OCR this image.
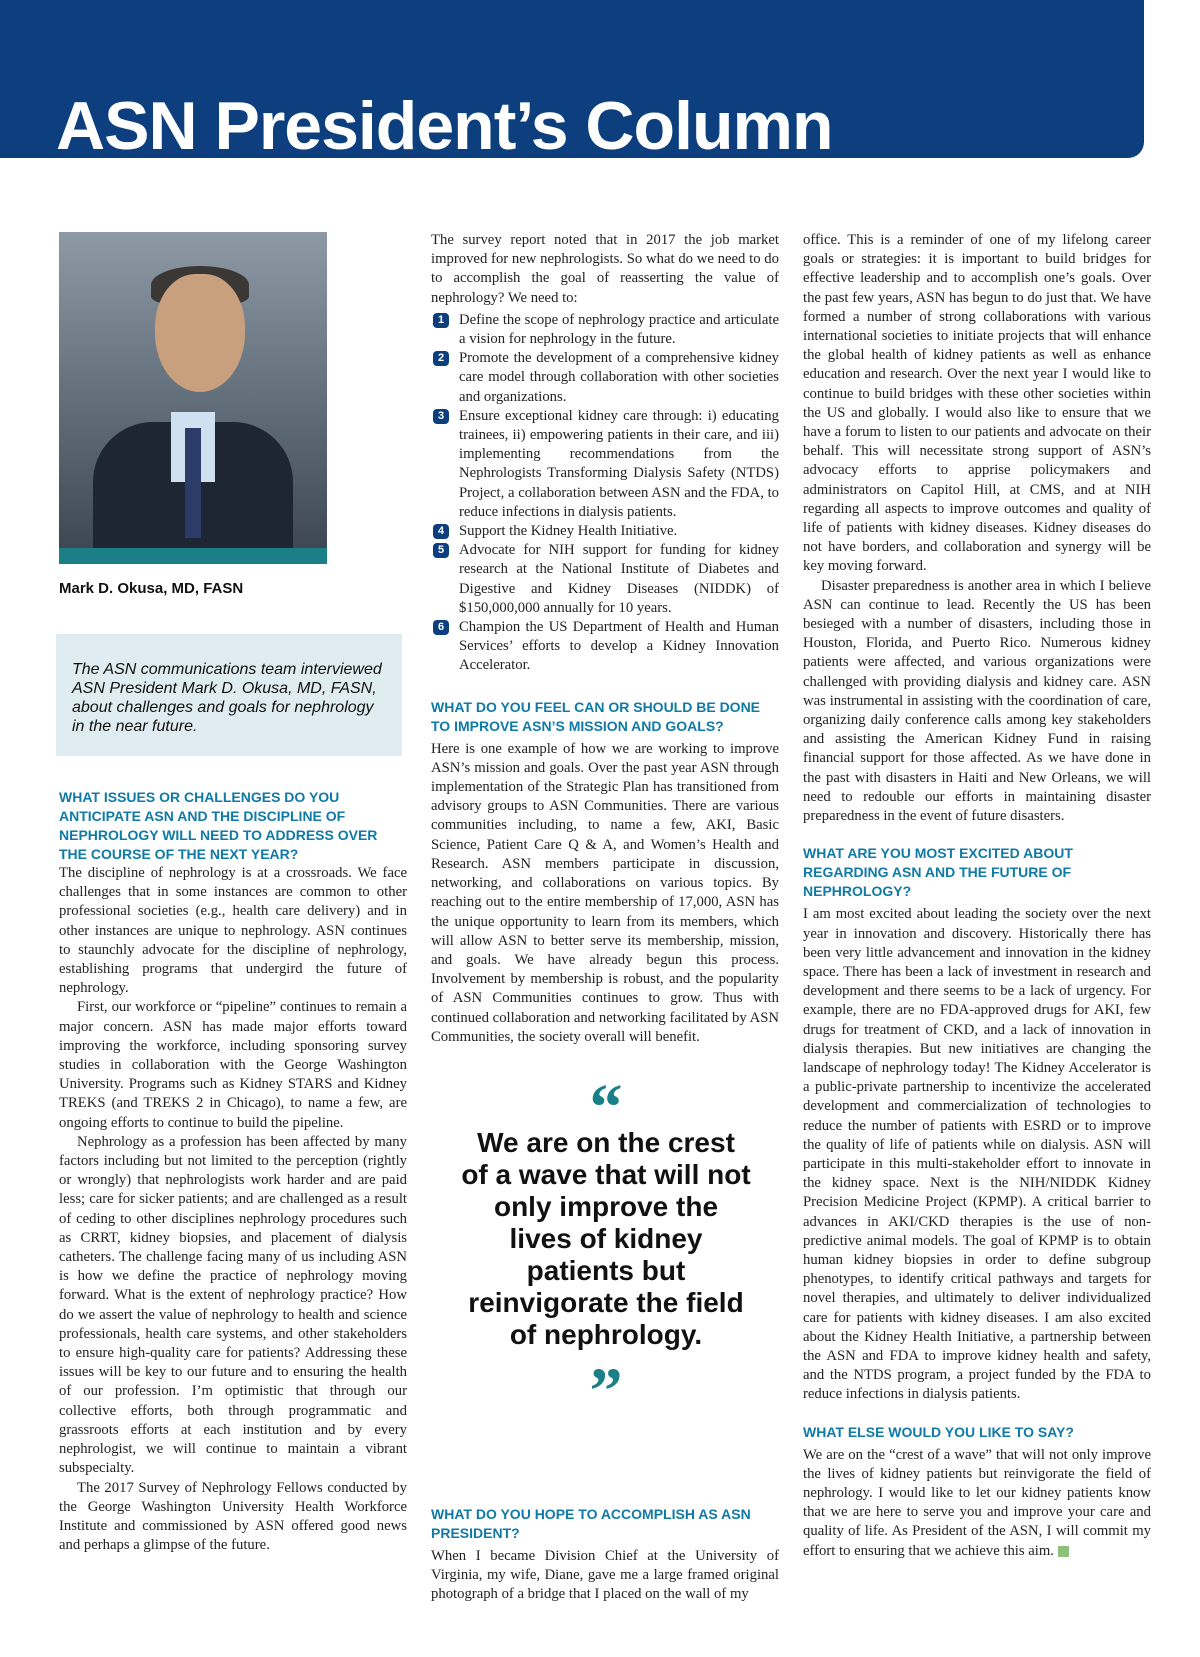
ASN President’s Column
Mark D. Okusa, MD, FASN

The ASN communications team interviewed ASN President Mark D. Okusa, MD, FASN, about challenges and goals for nephrology in the near future.

WHAT ISSUES OR CHALLENGES DO YOU ANTICIPATE ASN AND THE DISCIPLINE OF NEPHROLOGY WILL NEED TO ADDRESS OVER THE COURSE OF THE NEXT YEAR?

The discipline of nephrology is at a crossroads. We face challenges that in some instances are common to other professional societies (e.g., health care delivery) and in other instances are unique to nephrology. ASN continues to staunchly advocate for the discipline of nephrology, establishing programs that undergird the future of nephrology.

First, our workforce or “pipeline” continues to remain a major concern. ASN has made major efforts toward improving the workforce, including sponsoring survey studies in collaboration with the George Washington University. Programs such as Kidney STARS and Kidney TREKS (and TREKS 2 in Chicago), to name a few, are ongoing efforts to continue to build the pipeline.

Nephrology as a profession has been affected by many factors including but not limited to the perception (rightly or wrongly) that nephrologists work harder and are paid less; care for sicker patients; and are challenged as a result of ceding to other disciplines nephrology procedures such as CRRT, kidney biopsies, and placement of dialysis catheters. The challenge facing many of us including ASN is how we define the practice of nephrology moving forward. What is the extent of nephrology practice? How do we assert the value of nephrology to health and science professionals, health care systems, and other stakeholders to ensure high-quality care for patients? Addressing these issues will be key to our future and to ensuring the health of our profession. I’m optimistic that through our collective efforts, both through programmatic and grassroots efforts at each institution and by every nephrologist, we will continue to maintain a vibrant subspecialty.

The 2017 Survey of Nephrology Fellows conducted by the George Washington University Health Workforce Institute and commissioned by ASN offered good news and perhaps a glimpse of the future.

The survey report noted that in 2017 the job market improved for new nephrologists. So what do we need to do to accomplish the goal of reasserting the value of nephrology? We need to:

1	Define the scope of nephrology practice and articulate a vision for nephrology in the future.
2	Promote the development of a comprehensive kidney care model through collaboration with other societies and organizations.
3	Ensure exceptional kidney care through: i) educating trainees, ii) empowering patients in their care, and iii) implementing recommendations from the Nephrologists Transforming Dialysis Safety (NTDS) Project, a collaboration between ASN and the FDA, to reduce infections in dialysis patients.
4	Support the Kidney Health Initiative.
5	Advocate for NIH support for funding for kidney research at the National Institute of Diabetes and Digestive and Kidney Diseases (NIDDK) of $150,000,000 annually for 10 years.
6	Champion the US Department of Health and Human Services’ efforts to develop a Kidney Innovation Accelerator.
WHAT DO YOU FEEL CAN OR SHOULD BE DONE TO IMPROVE ASN’S MISSION AND GOALS?

Here is one example of how we are working to improve ASN’s mission and goals. Over the past year ASN through implementation of the Strategic Plan has transitioned from advisory groups to ASN Communities. There are various communities including, to name a few, AKI, Basic Science, Patient Care Q & A, and Women’s Health and Research. ASN members participate in discussion, networking, and collaborations on various topics. By reaching out to the entire membership of 17,000, ASN has the unique opportunity to learn from its members, which will allow ASN to better serve its membership, mission, and goals. We have already begun this process. Involvement by membership is robust, and the popularity of ASN Communities continues to grow. Thus with continued collaboration and networking facilitated by ASN Communities, the society overall will benefit.

“
We are on the crest of a wave that will not only improve the lives of kidney patients but reinvigorate the field of nephrology.
”
WHAT DO YOU HOPE TO ACCOMPLISH AS ASN PRESIDENT?

When I became Division Chief at the University of Virginia, my wife, Diane, gave me a large framed original photograph of a bridge that I placed on the wall of my

office. This is a reminder of one of my lifelong career goals or strategies: it is important to build bridges for effective leadership and to accomplish one’s goals. Over the past few years, ASN has begun to do just that. We have formed a number of strong collaborations with various international societies to initiate projects that will enhance the global health of kidney patients as well as enhance education and research. Over the next year I would like to continue to build bridges with these other societies within the US and globally. I would also like to ensure that we have a forum to listen to our patients and advocate on their behalf. This will necessitate strong support of ASN’s advocacy efforts to apprise policymakers and administrators on Capitol Hill, at CMS, and at NIH regarding all aspects to improve outcomes and quality of life of patients with kidney diseases. Kidney diseases do not have borders, and collaboration and synergy will be key moving forward.

Disaster preparedness is another area in which I believe ASN can continue to lead. Recently the US has been besieged with a number of disasters, including those in Houston, Florida, and Puerto Rico. Numerous kidney patients were affected, and various organizations were challenged with providing dialysis and kidney care. ASN was instrumental in assisting with the coordination of care, organizing daily conference calls among key stakeholders and assisting the American Kidney Fund in raising financial support for those affected. As we have done in the past with disasters in Haiti and New Orleans, we will need to redouble our efforts in maintaining disaster preparedness in the event of future disasters.

WHAT ARE YOU MOST EXCITED ABOUT REGARDING ASN AND THE FUTURE OF NEPHROLOGY?

I am most excited about leading the society over the next year in innovation and discovery. Historically there has been very little advancement and innovation in the kidney space. There has been a lack of investment in research and development and there seems to be a lack of urgency. For example, there are no FDA-approved drugs for AKI, few drugs for treatment of CKD, and a lack of innovation in dialysis therapies. But new initiatives are changing the landscape of nephrology today! The Kidney Accelerator is a public-private partnership to incentivize the accelerated development and commercialization of technologies to reduce the number of patients with ESRD or to improve the quality of life of patients while on dialysis. ASN will participate in this multi-stakeholder effort to innovate in the kidney space. Next is the NIH/NIDDK Kidney Precision Medicine Project (KPMP). A critical barrier to advances in AKI/CKD therapies is the use of non-predictive animal models. The goal of KPMP is to obtain human kidney biopsies in order to define subgroup phenotypes, to identify critical pathways and targets for novel therapies, and ultimately to deliver individualized care for patients with kidney diseases. I am also excited about the Kidney Health Initiative, a partnership between the ASN and FDA to improve kidney health and safety, and the NTDS program, a project funded by the FDA to reduce infections in dialysis patients.

WHAT ELSE WOULD YOU LIKE TO SAY?

We are on the “crest of a wave” that will not only improve the lives of kidney patients but reinvigorate the field of nephrology. I would like to let our kidney patients know that we are here to serve you and improve your care and quality of life. As President of the ASN, I will commit my effort to ensuring that we achieve this aim.
